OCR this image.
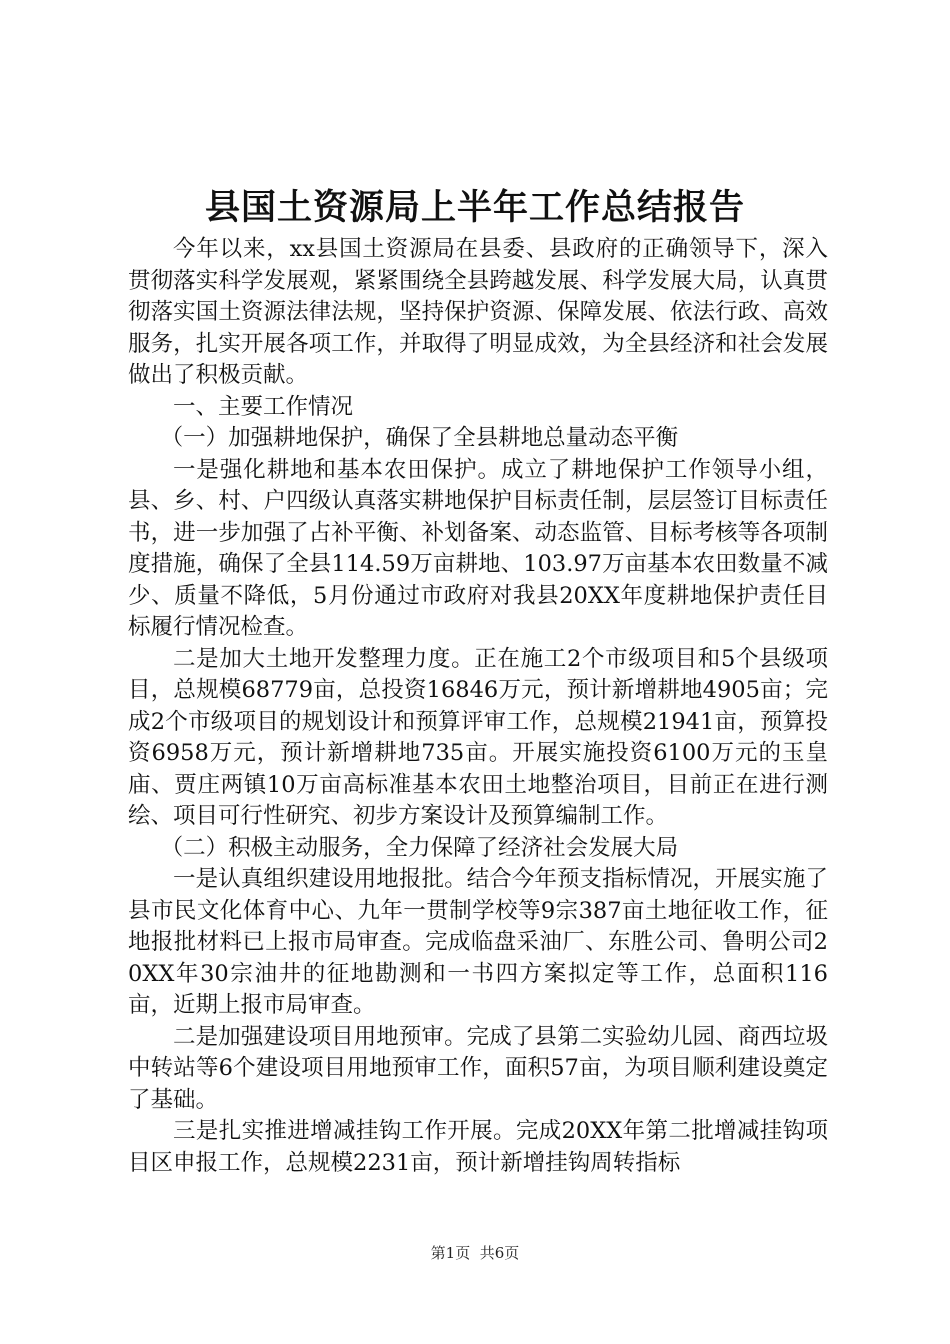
县国土资源局上半年工作总结报告

今年以来，xx县国土资源局在县委、县政府的正确领导下，深入贯彻落实科学发展观，紧紧围绕全县跨越发展、科学发展大局，认真贯彻落实国土资源法律法规，坚持保护资源、保障发展、依法行政、高效服务，扎实开展各项工作，并取得了明显成效，为全县经济和社会发展做出了积极贡献。

一、主要工作情况

（一）加强耕地保护，确保了全县耕地总量动态平衡

一是强化耕地和基本农田保护。成立了耕地保护工作领导小组，县、乡、村、户四级认真落实耕地保护目标责任制，层层签订目标责任书，进一步加强了占补平衡、补划备案、动态监管、目标考核等各项制度措施，确保了全县114.59万亩耕地、103.97万亩基本农田数量不减少、质量不降低，5月份通过市政府对我县20XX年度耕地保护责任目标履行情况检查。

二是加大土地开发整理力度。正在施工2个市级项目和5个县级项目，总规模68779亩，总投资16846万元，预计新增耕地4905亩；完成2个市级项目的规划设计和预算评审工作，总规模21941亩，预算投资6958万元，预计新增耕地735亩。开展实施投资6100万元的玉皇庙、贾庄两镇10万亩高标准基本农田土地整治项目，目前正在进行测绘、项目可行性研究、初步方案设计及预算编制工作。

（二）积极主动服务，全力保障了经济社会发展大局

一是认真组织建设用地报批。结合今年预支指标情况，开展实施了县市民文化体育中心、九年一贯制学校等9宗387亩土地征收工作，征地报批材料已上报市局审查。完成临盘采油厂、东胜公司、鲁明公司20XX年30宗油井的征地勘测和一书四方案拟定等工作，总面积116亩，近期上报市局审查。

二是加强建设项目用地预审。完成了县第二实验幼儿园、商西垃圾中转站等6个建设项目用地预审工作，面积57亩，为项目顺利建设奠定了基础。

三是扎实推进增减挂钩工作开展。完成20XX年第二批增减挂钩项目区申报工作，总规模2231亩，预计新增挂钩周转指标

第1页 共6页
